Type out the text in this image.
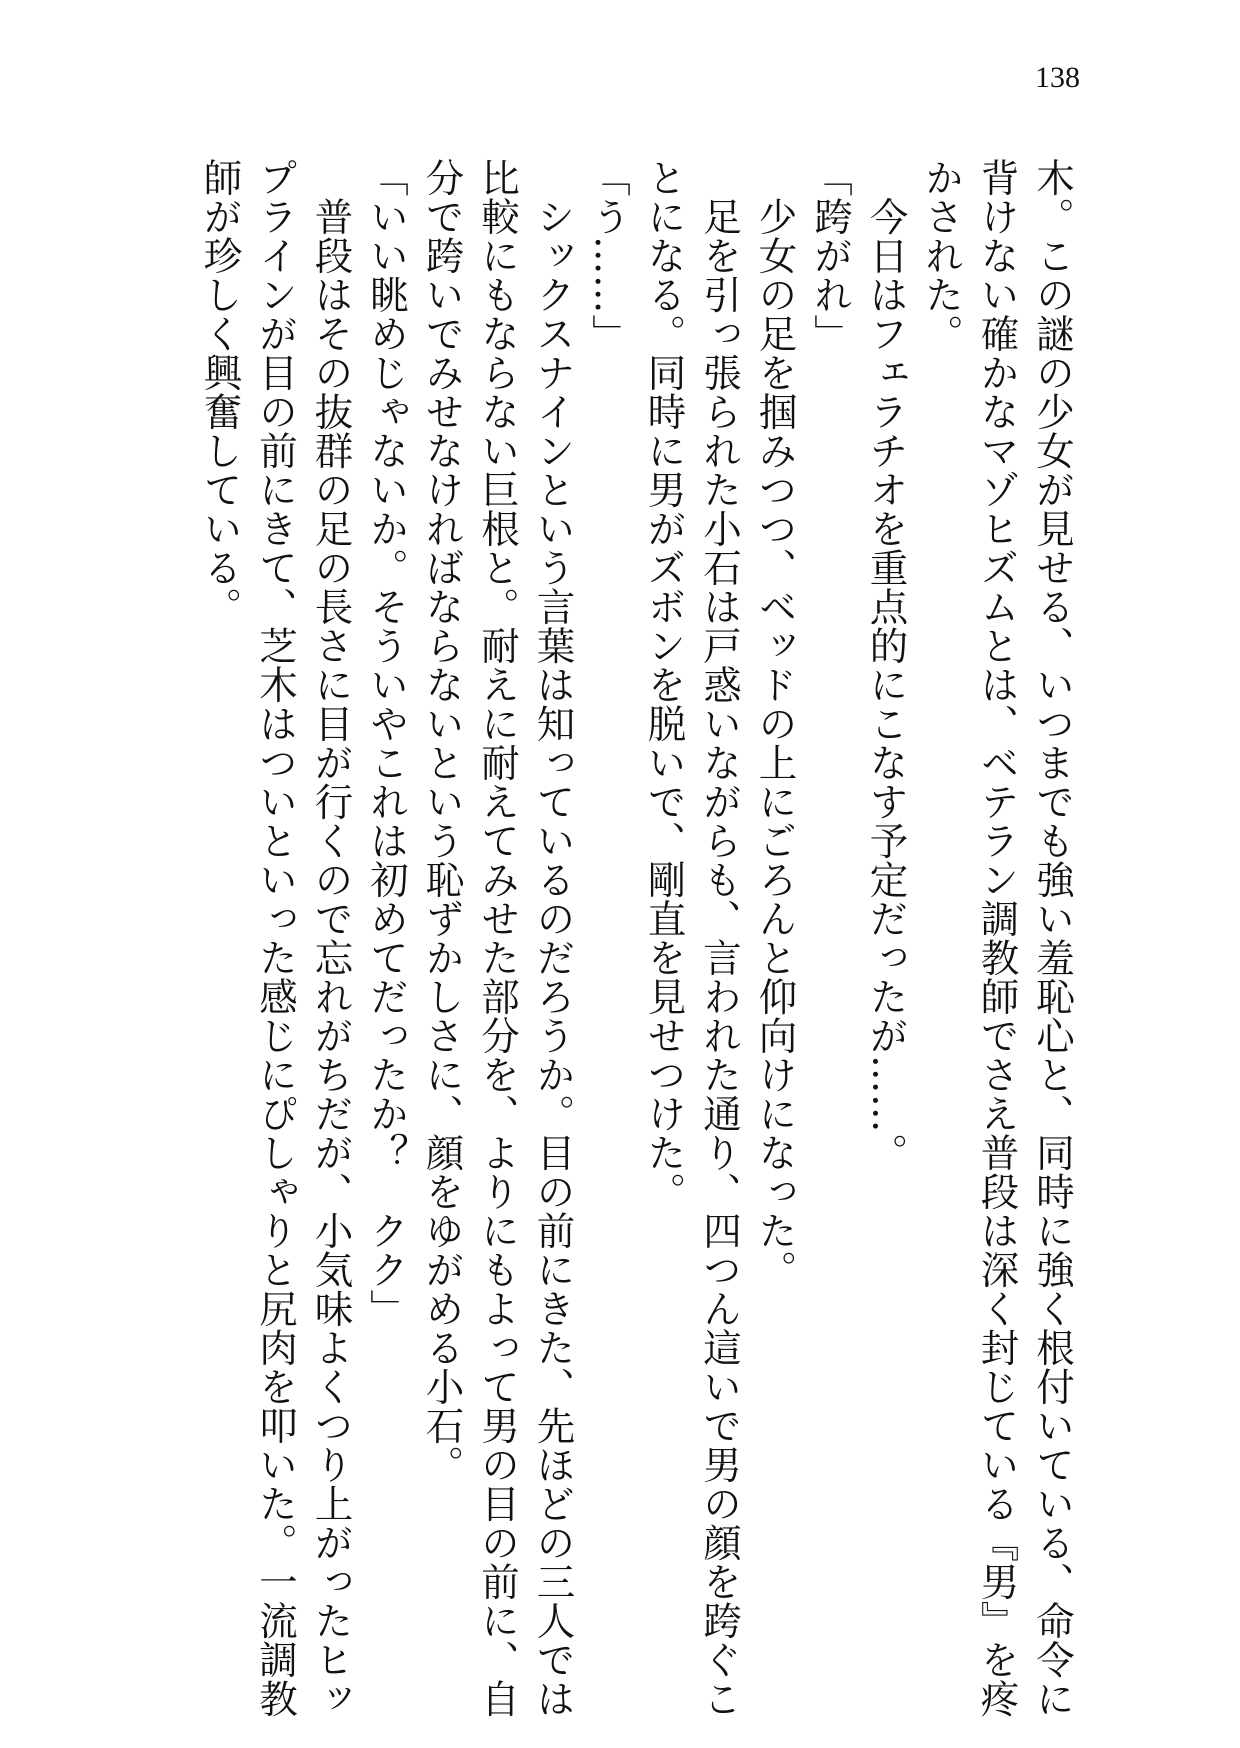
138
木。この謎の少女が見せる、いつまでも強い羞恥心と、同時に強く根付いている、命令に
背けない確かなマゾヒズムとは、ベテラン調教師でさえ普段は深く封じている『男』を疼
かされた。
　今日はフェラチオを重点的にこなす予定だったが……。
「跨がれ」
　少女の足を掴みつつ、ベッドの上にごろんと仰向けになった。
　足を引っ張られた小石は戸惑いながらも、言われた通り、四つん這いで男の顔を跨ぐこ
とになる。同時に男がズボンを脱いで、剛直を見せつけた。
「う……」
　シックスナインという言葉は知っているのだろうか。目の前にきた、先ほどの三人では
比較にもならない巨根と。耐えに耐えてみせた部分を、よりにもよって男の目の前に、自
分で跨いでみせなければならないという恥ずかしさに、顔をゆがめる小石。
「いい眺めじゃないか。そういやこれは初めてだったか？　クク」
　普段はその抜群の足の長さに目が行くので忘れがちだが、小気味よくつり上がったヒッ
プラインが目の前にきて、芝木はついといった感じにぴしゃりと尻肉を叩いた。一流調教
師が珍しく興奮している。
